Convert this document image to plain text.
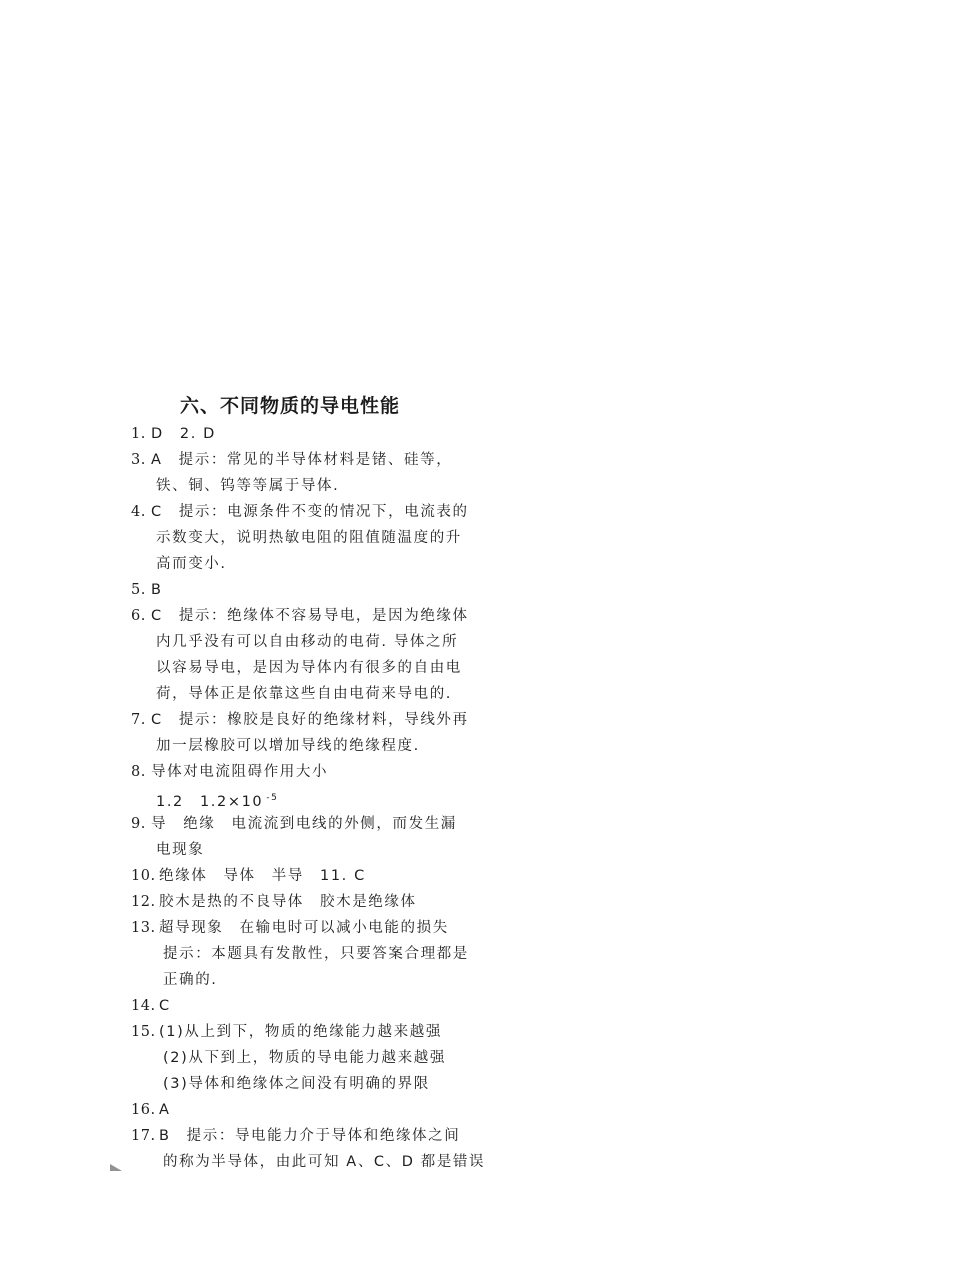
六、不同物质的导电性能
1. D　2. D
3. A　提示：常见的半导体材料是锗、硅等，
铁、铜、钨等等属于导体.
4. C　提示：电源条件不变的情况下，电流表的
示数变大，说明热敏电阻的阻值随温度的升
高而变小.
5. B
6. C　提示：绝缘体不容易导电，是因为绝缘体
内几乎没有可以自由移动的电荷. 导体之所
以容易导电，是因为导体内有很多的自由电
荷，导体正是依靠这些自由电荷来导电的.
7. C　提示：橡胶是良好的绝缘材料，导线外再
加一层橡胶可以增加导线的绝缘程度.
8. 导体对电流阻碍作用大小
1.2　1.2×10 $^{-5}$
9. 导　绝缘　电流流到电线的外侧，而发生漏
电现象
10. 绝缘体　导体　半导　11. C
12. 胶木是热的不良导体　胶木是绝缘体
13. 超导现象　在输电时可以减小电能的损失
提示：本题具有发散性，只要答案合理都是
正确的.
14. C
15. (1)从上到下，物质的绝缘能力越来越强
(2)从下到上，物质的导电能力越来越强
(3)导体和绝缘体之间没有明确的界限
16. A
17. B　提示：导电能力介于导体和绝缘体之间
的称为半导体，由此可知 A、C、D 都是错误
